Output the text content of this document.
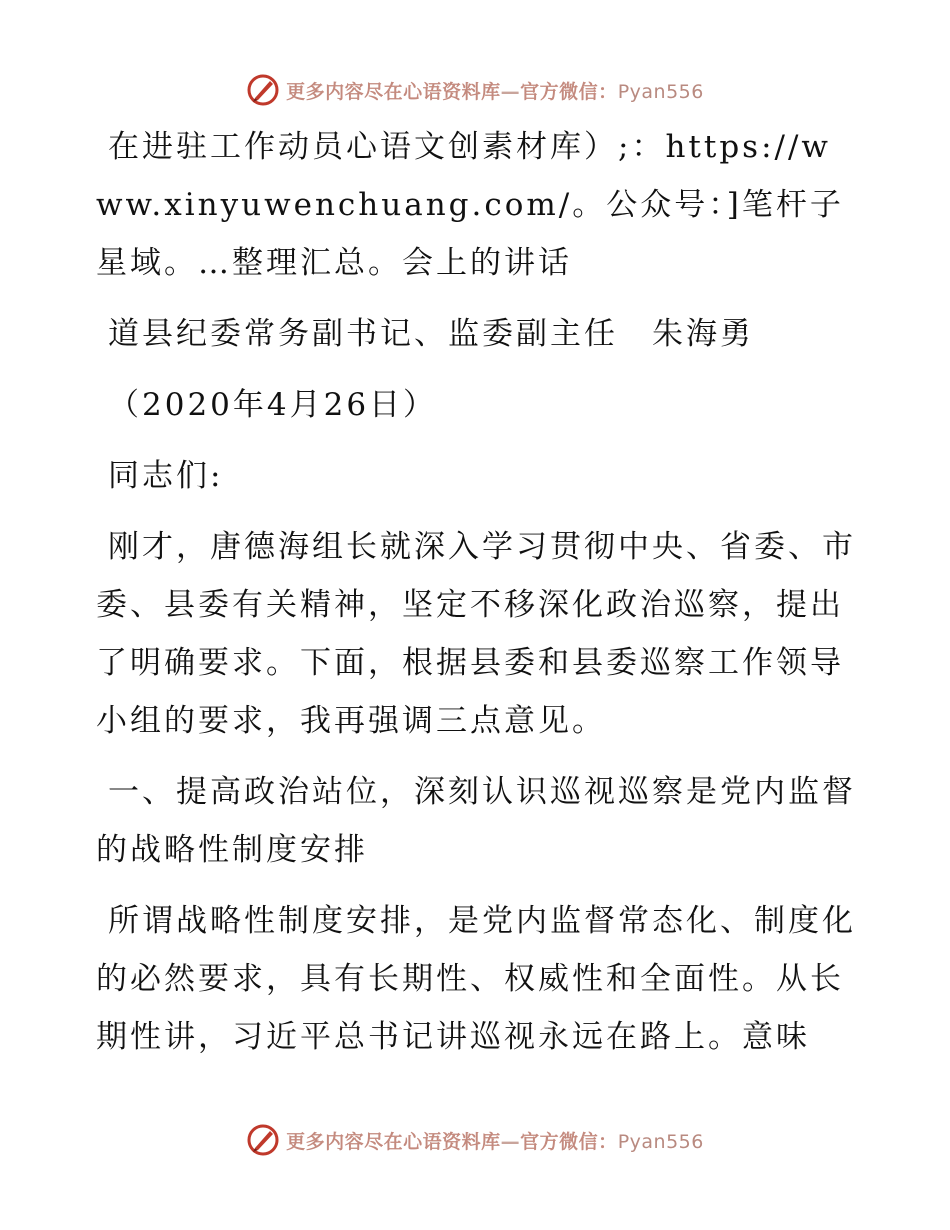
更多内容尽在心语资料库—官方微信：Pyan556

在进驻工作动员心语文创素材库）;：https://www.xinyuwenchuang.com/。公众号：]笔杆子星域。…整理汇总。会上的讲话

道县纪委常务副书记、监委副主任　朱海勇

（2020年4月26日）

同志们:

刚才，唐德海组长就深入学习贯彻中央、省委、市委、县委有关精神，坚定不移深化政治巡察，提出了明确要求。下面，根据县委和县委巡察工作领导小组的要求，我再强调三点意见。

一、提高政治站位，深刻认识巡视巡察是党内监督的战略性制度安排

所谓战略性制度安排，是党内监督常态化、制度化的必然要求，具有长期性、权威性和全面性。从长期性讲，习近平总书记讲巡视永远在路上。意味

更多内容尽在心语资料库—官方微信：Pyan556
